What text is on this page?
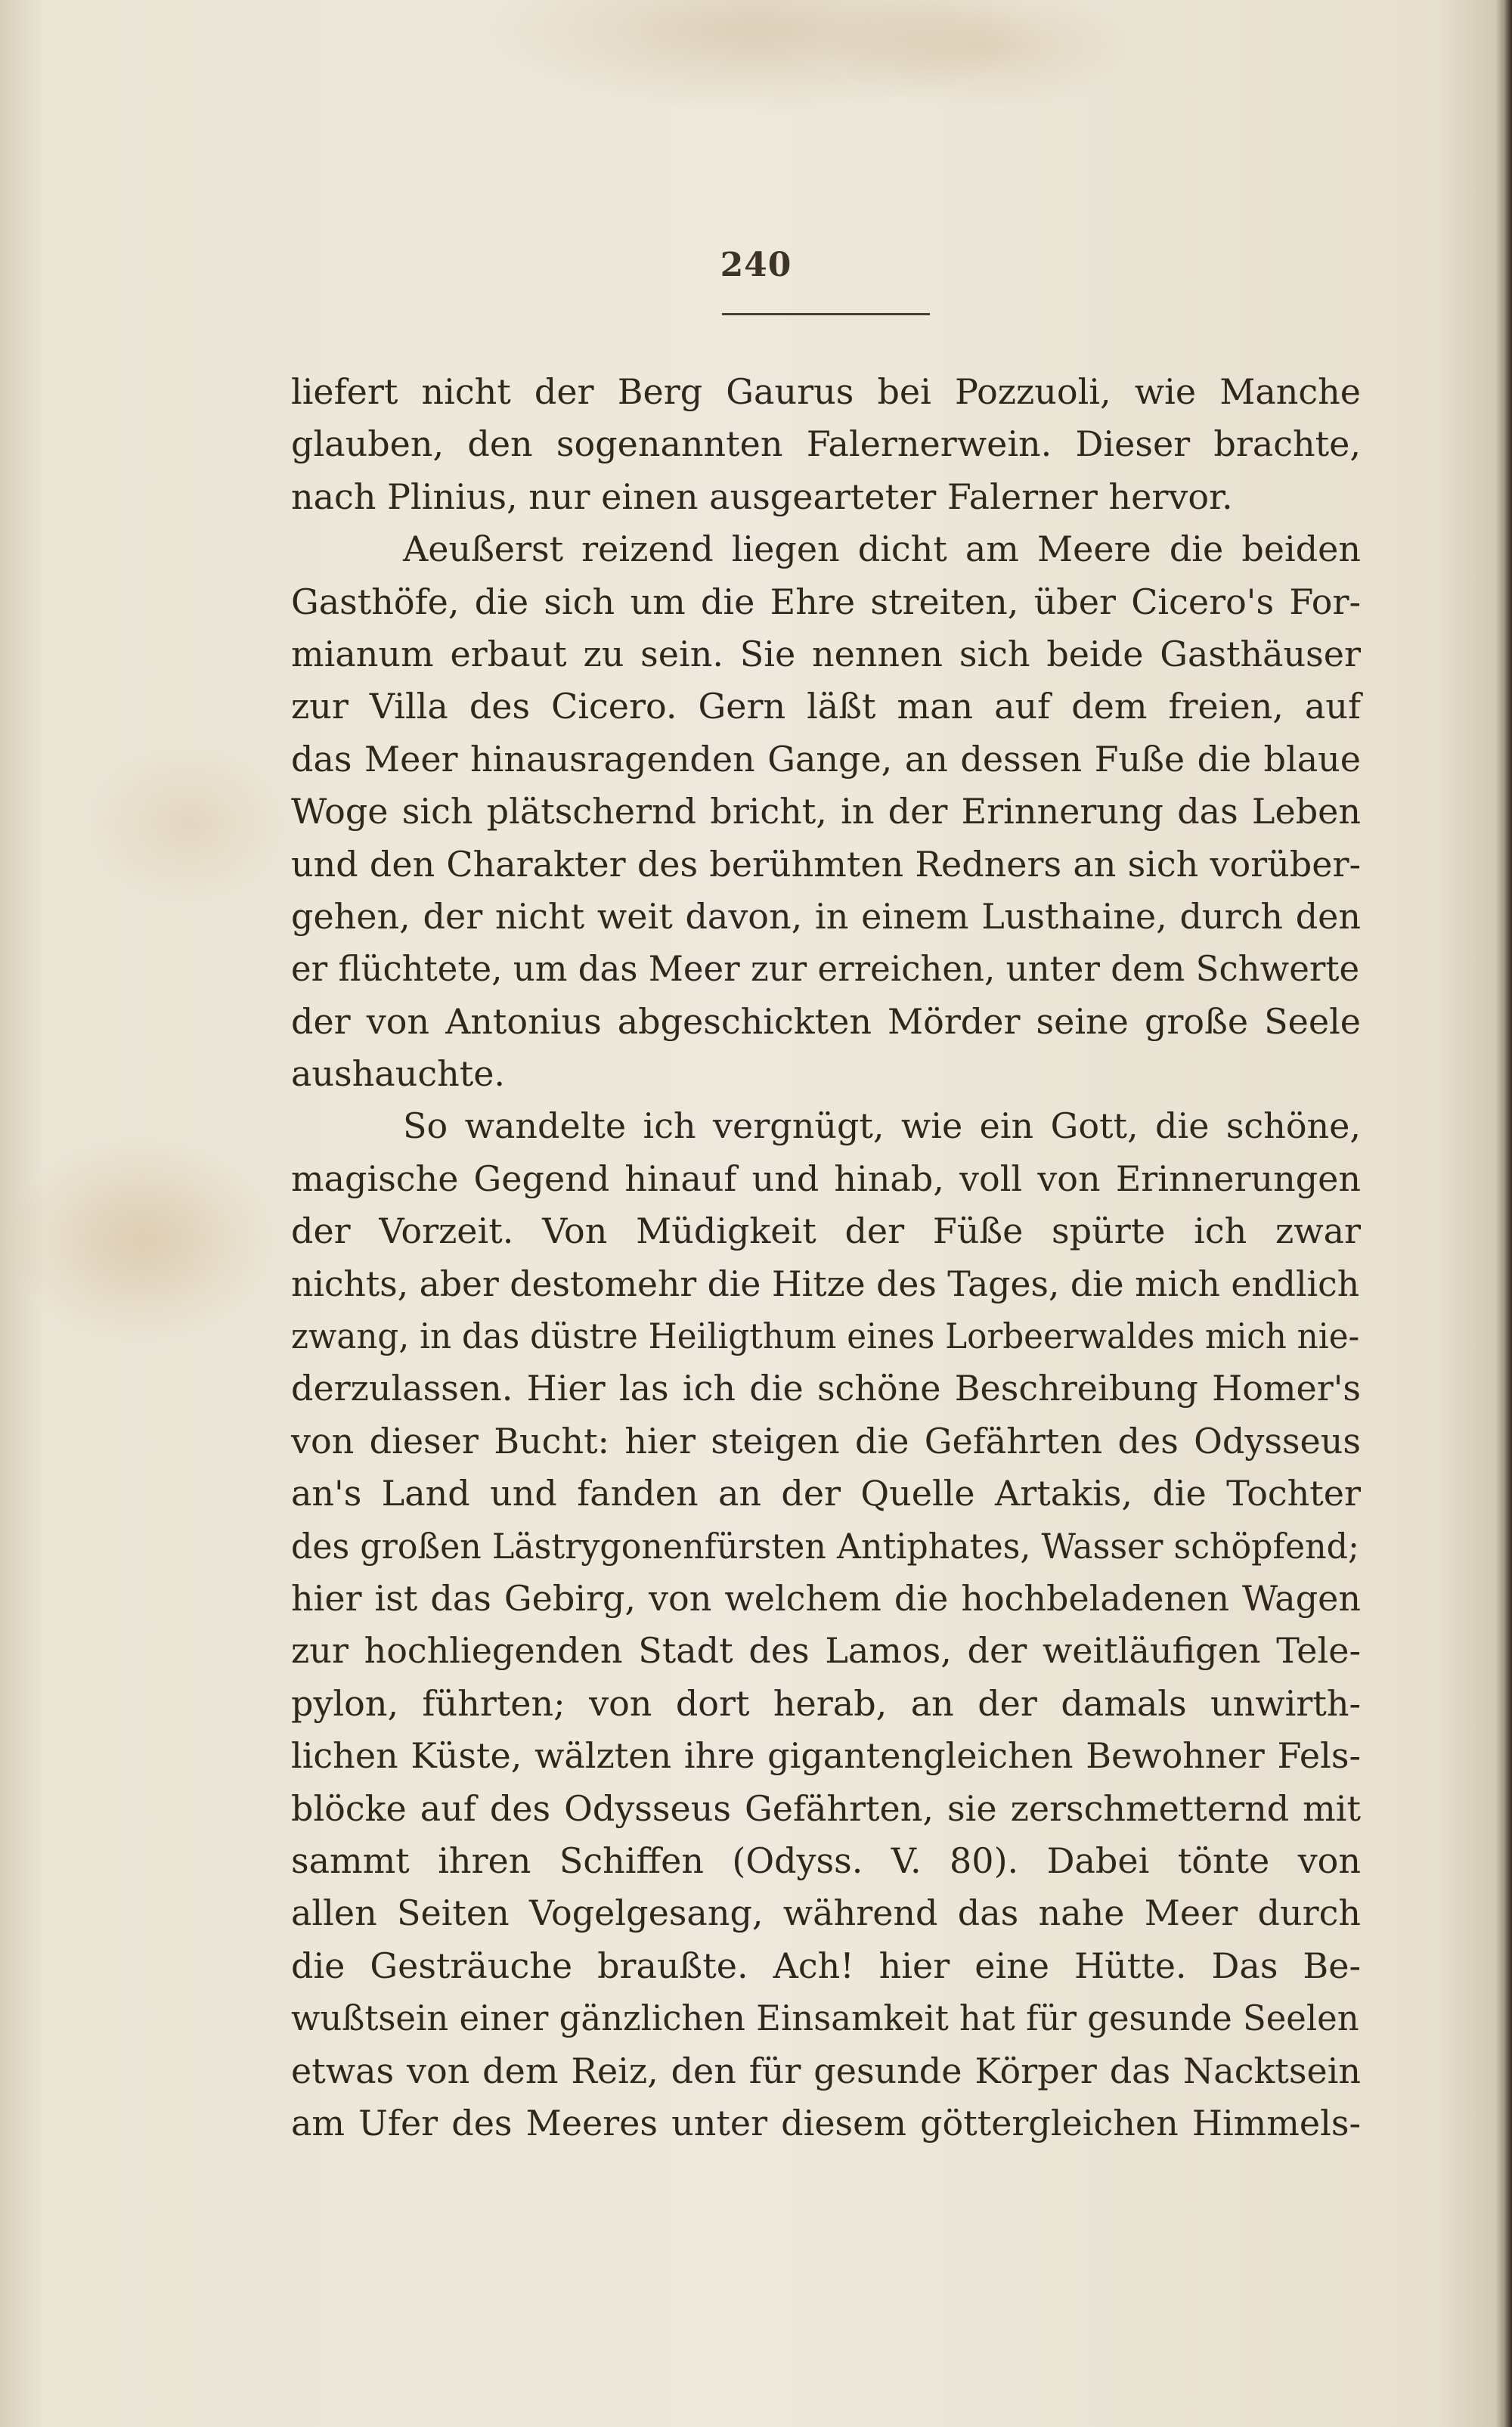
240
liefert nicht der Berg Gaurus bei Pozzuoli, wie Manche
glauben, den sogenannten Falernerwein. Dieser brachte,
nach Plinius, nur einen ausgearteter Falerner hervor.
Aeußerst reizend liegen dicht am Meere die beiden
Gasthöfe, die sich um die Ehre streiten, über Cicero's For-
mianum erbaut zu sein. Sie nennen sich beide Gasthäuser
zur Villa des Cicero. Gern läßt man auf dem freien, auf
das Meer hinausragenden Gange, an dessen Fuße die blaue
Woge sich plätschernd bricht, in der Erinnerung das Leben
und den Charakter des berühmten Redners an sich vorüber-
gehen, der nicht weit davon, in einem Lusthaine, durch den
er flüchtete, um das Meer zur erreichen, unter dem Schwerte
der von Antonius abgeschickten Mörder seine große Seele
aushauchte.
So wandelte ich vergnügt, wie ein Gott, die schöne,
magische Gegend hinauf und hinab, voll von Erinnerungen
der Vorzeit. Von Müdigkeit der Füße spürte ich zwar
nichts, aber destomehr die Hitze des Tages, die mich endlich
zwang, in das düstre Heiligthum eines Lorbeerwaldes mich nie-
derzulassen. Hier las ich die schöne Beschreibung Homer's
von dieser Bucht: hier steigen die Gefährten des Odysseus
an's Land und fanden an der Quelle Artakis, die Tochter
des großen Lästrygonenfürsten Antiphates, Wasser schöpfend;
hier ist das Gebirg, von welchem die hochbeladenen Wagen
zur hochliegenden Stadt des Lamos, der weitläufigen Tele-
pylon, führten; von dort herab, an der damals unwirth-
lichen Küste, wälzten ihre gigantengleichen Bewohner Fels-
blöcke auf des Odysseus Gefährten, sie zerschmetternd mit
sammt ihren Schiffen (Odyss. V. 80). Dabei tönte von
allen Seiten Vogelgesang, während das nahe Meer durch
die Gesträuche braußte. Ach! hier eine Hütte. Das Be-
wußtsein einer gänzlichen Einsamkeit hat für gesunde Seelen
etwas von dem Reiz, den für gesunde Körper das Nacktsein
am Ufer des Meeres unter diesem göttergleichen Himmels-
